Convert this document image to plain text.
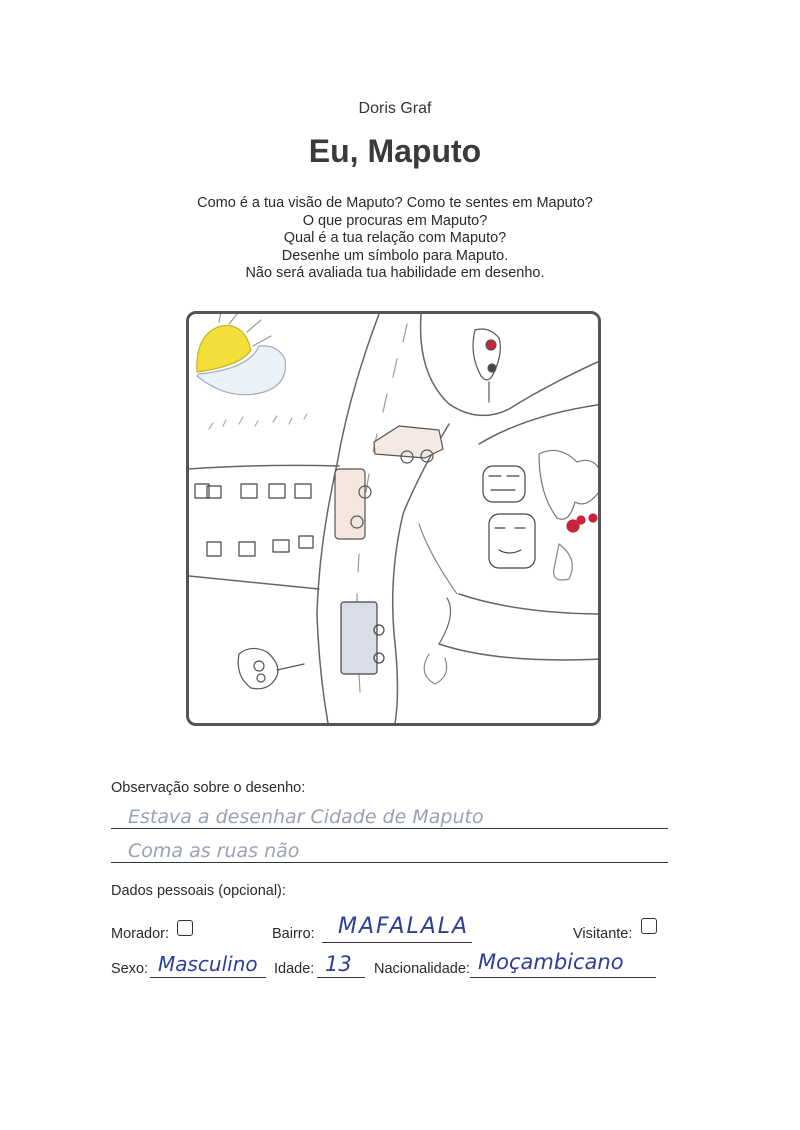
Doris Graf
Eu, Maputo
Como é a tua visão de Maputo? Como te sentes em Maputo?
O que procuras em Maputo?
Qual é a tua relação com Maputo?
Desenhe um símbolo para Maputo.
Não será avaliada tua habilidade em desenho.
Observação sobre o desenho:
Estava a desenhar Cidade de Maputo
Coma as ruas não
Dados pessoais (opcional):
Morador:	Bairro: MAFALALA	Visitante:
Sexo: Masculino Idade: 13 Nacionalidade: Moçambicano
